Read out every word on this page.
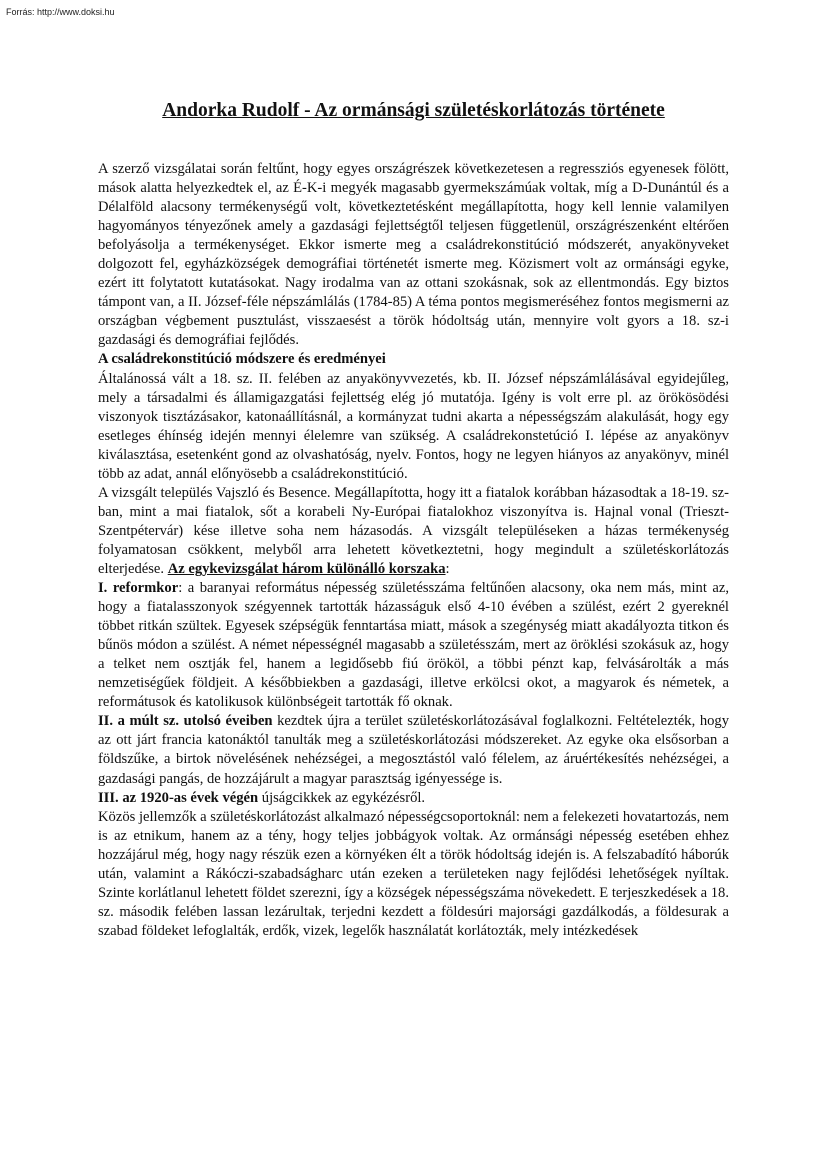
Forrás: http://www.doksi.hu
Andorka Rudolf - Az ormánsági születéskorlátozás története

A szerző vizsgálatai során feltűnt, hogy egyes országrészek következetesen a regressziós egyenesek fölött, mások alatta helyezkedtek el, az É-K-i megyék magasabb gyermekszámúak voltak, míg a D-Dunántúl és a Délalföld alacsony termékenységű volt, következtetésként megállapította, hogy kell lennie valamilyen hagyományos tényezőnek amely a gazdasági fejlettségtől teljesen függetlenül, országrészenként eltérően befolyásolja a termékenységet. Ekkor ismerte meg a családrekonstitúció módszerét, anyakönyveket dolgozott fel, egyházközségek demográfiai történetét ismerte meg. Közismert volt az ormánsági egyke, ezért itt folytatott kutatásokat. Nagy irodalma van az ottani szokásnak, sok az ellentmondás. Egy biztos támpont van, a II. József-féle népszámlálás (1784-85) A téma pontos megismeréséhez fontos megismerni az országban végbement pusztulást, visszaesést a török hódoltság után, mennyire volt gyors a 18. sz-i gazdasági és demográfiai fejlődés.

A családrekonstitúció módszere és eredményei

Általánossá vált a 18. sz. II. felében az anyakönyvvezetés, kb. II. József népszámlálásával egyidejűleg, mely a társadalmi és államigazgatási fejlettség elég jó mutatója. Igény is volt erre pl. az örökösödési viszonyok tisztázásakor, katonaállításnál, a kormányzat tudni akarta a népességszám alakulását, hogy egy esetleges éhínség idején mennyi élelemre van szükség. A családrekonstetúció I. lépése az anyakönyv kiválasztása, esetenként gond az olvashatóság, nyelv. Fontos, hogy ne legyen hiányos az anyakönyv, minél több az adat, annál előnyösebb a családrekonstitúció.

A vizsgált település Vajszló és Besence. Megállapította, hogy itt a fiatalok korábban házasodtak a 18-19. sz-ban, mint a mai fiatalok, sőt a korabeli Ny-Európai fiatalokhoz viszonyítva is. Hajnal vonal (Trieszt-Szentpétervár) kése illetve soha nem házasodás. A vizsgált településeken a házas termékenység folyamatosan csökkent, melyből arra lehetett következtetni, hogy megindult a születéskorlátozás elterjedése. Az egykevizsgálat három különálló korszaka:

I. reformkor: a baranyai református népesség születésszáma feltűnően alacsony, oka nem más, mint az, hogy a fiatalasszonyok szégyennek tartották házasságuk első 4-10 évében a szülést, ezért 2 gyereknél többet ritkán szültek. Egyesek szépségük fenntartása miatt, mások a szegénység miatt akadályozta titkon és bűnös módon a szülést. A német népességnél magasabb a születésszám, mert az öröklési szokásuk az, hogy a telket nem osztják fel, hanem a legidősebb fiú örököl, a többi pénzt kap, felvásárolták a más nemzetiségűek földjeit. A későbbiekben a gazdasági, illetve erkölcsi okot, a magyarok és németek, a reformátusok és katolikusok különbségeit tartották fő oknak.

II. a múlt sz. utolsó éveiben kezdtek újra a terület születéskorlátozásával foglalkozni. Feltételezték, hogy az ott járt francia katonáktól tanulták meg a születéskorlátozási módszereket. Az egyke oka elsősorban a földszűke, a birtok növelésének nehézségei, a megosztástól való félelem, az áruértékesítés nehézségei, a gazdasági pangás, de hozzájárult a magyar parasztság igényessége is.

III. az 1920-as évek végén újságcikkek az egykézésről.

Közös jellemzők a születéskorlátozást alkalmazó népességcsoportoknál: nem a felekezeti hovatartozás, nem is az etnikum, hanem az a tény, hogy teljes jobbágyok voltak. Az ormánsági népesség esetében ehhez hozzájárul még, hogy nagy részük ezen a környéken élt a török hódoltság idején is. A felszabadító háborúk után, valamint a Rákóczi-szabadságharc után ezeken a területeken nagy fejlődési lehetőségek nyíltak. Szinte korlátlanul lehetett földet szerezni, így a községek népességszáma növekedett. E terjeszkedések a 18. sz. második felében lassan lezárultak, terjedni kezdett a földesúri majorsági gazdálkodás, a földesurak a szabad földeket lefoglalták, erdők, vizek, legelők használatát korlátozták, mely intézkedések
